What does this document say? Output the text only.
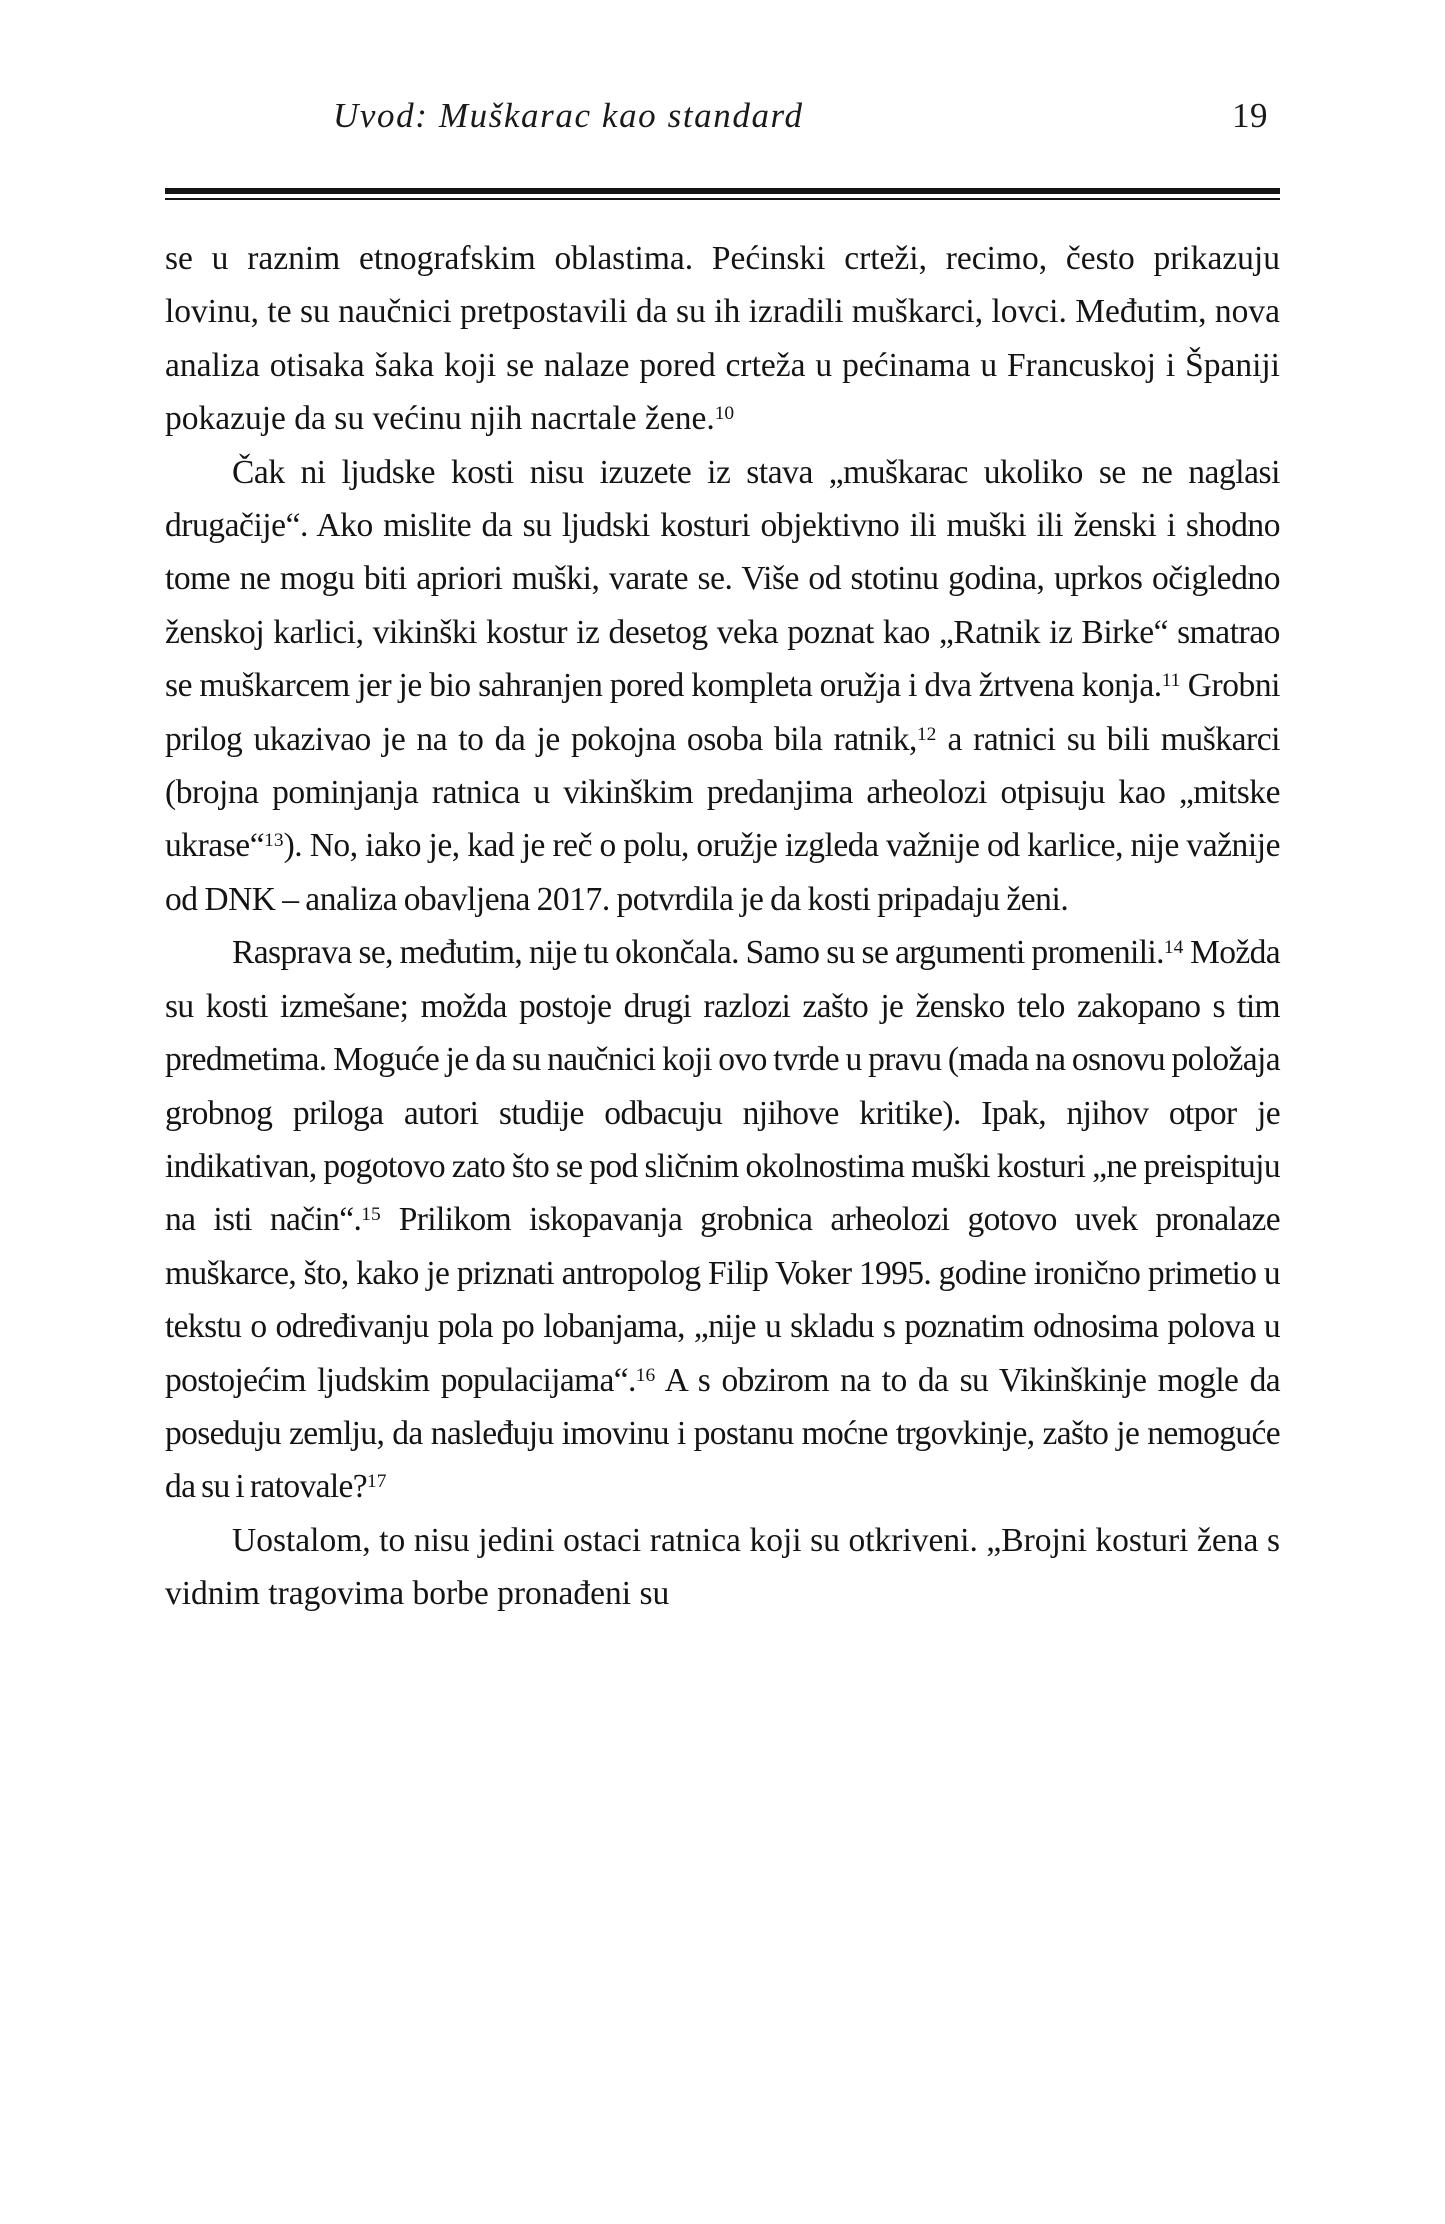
Uvod: Muškarac kao standard	19

se u raznim etnografskim oblastima. Pećinski crteži, recimo, često prikazuju lovinu, te su naučnici pretpostavili da su ih izradili muškarci, lovci. Međutim, nova analiza otisaka šaka koji se nalaze pored crteža u pećinama u Francuskoj i Španiji pokazuje da su većinu njih nacrtale žene.$^{10}$

Čak ni ljudske kosti nisu izuzete iz stava „muškarac ukoliko se ne naglasi drugačije“. Ako mislite da su ljudski kosturi objektivno ili muški ili ženski i shodno tome ne mogu biti apriori muški, varate se. Više od stotinu godina, uprkos očigledno ženskoj karlici, vikinški kostur iz desetog veka poznat kao „Ratnik iz Birke“ smatrao se muškarcem jer je bio sahranjen pored kompleta oružja i dva žrtvena konja.$^{11}$ Grobni prilog ukazivao je na to da je pokojna osoba bila ratnik,$^{12}$ a ratnici su bili muškarci (brojna pominjanja ratnica u vikinškim predanjima arheolozi otpisuju kao „mitske ukrase“$^{13}$). No, iako je, kad je reč o polu, oružje izgleda važnije od karlice, nije važnije od DNK – analiza obavljena 2017. potvrdila je da kosti pripadaju ženi.

Rasprava se, međutim, nije tu okončala. Samo su se argumenti promenili.$^{14}$ Možda su kosti izmešane; možda postoje drugi razlozi zašto je žensko telo zakopano s tim predmetima. Moguće je da su naučnici koji ovo tvrde u pravu (mada na osnovu položaja grobnog priloga autori studije odbacuju njihove kritike). Ipak, njihov otpor je indikativan, pogotovo zato što se pod sličnim okolnostima muški kosturi „ne preispituju na isti način“.$^{15}$ Prilikom iskopavanja grobnica arheolozi gotovo uvek pronalaze muškarce, što, kako je priznati antropolog Filip Voker 1995. godine ironično primetio u tekstu o određivanju pola po lobanjama, „nije u skladu s poznatim odnosima polova u postojećim ljudskim populacijama“.$^{16}$ A s obzirom na to da su Vikinškinje mogle da poseduju zemlju, da nasleđuju imovinu i postanu moćne trgovkinje, zašto je nemoguće da su i ratovale?$^{17}$

Uostalom, to nisu jedini ostaci ratnica koji su otkriveni. „Brojni kosturi žena s vidnim tragovima borbe pronađeni su
